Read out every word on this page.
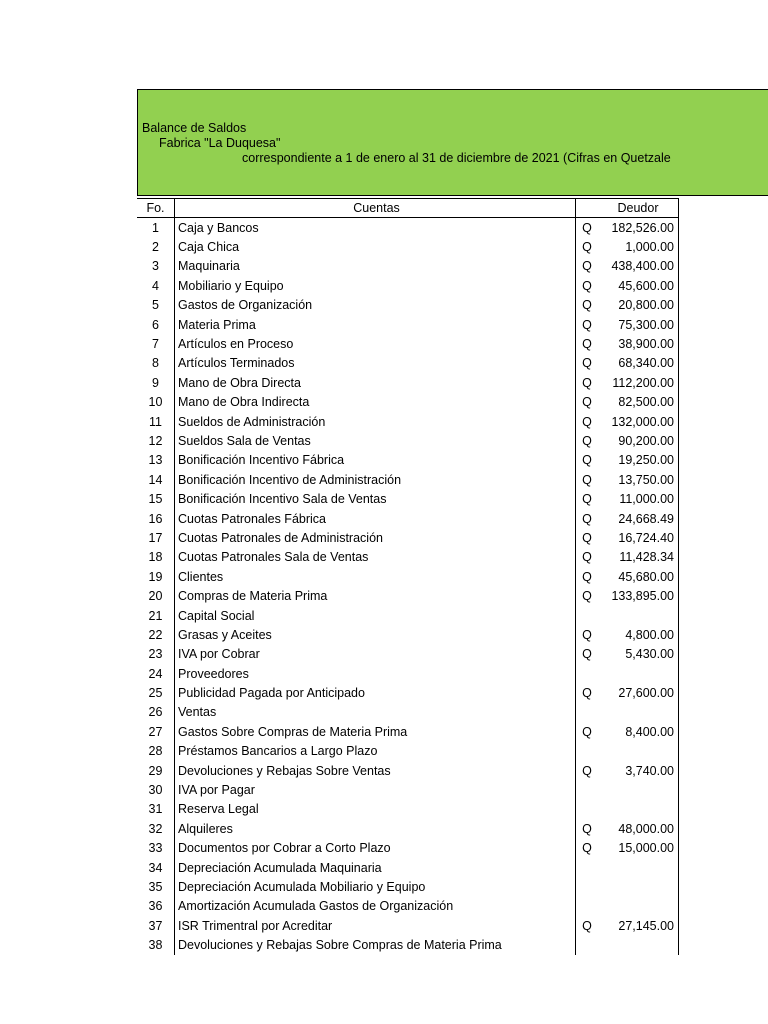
Balance de Saldos
Fabrica "La Duquesa"
correspondiente a 1 de enero al 31 de diciembre de 2021 (Cifras en Quetzale
Fo.	Cuentas		Deudor
1	Caja y Bancos	Q	182,526.00
2	Caja Chica	Q	1,000.00
3	Maquinaria	Q	438,400.00
4	Mobiliario y Equipo	Q	45,600.00
5	Gastos de Organización	Q	20,800.00
6	Materia Prima	Q	75,300.00
7	Artículos en Proceso	Q	38,900.00
8	Artículos Terminados	Q	68,340.00
9	Mano de Obra Directa	Q	112,200.00
10	Mano de Obra Indirecta	Q	82,500.00
11	Sueldos de Administración	Q	132,000.00
12	Sueldos Sala de Ventas	Q	90,200.00
13	Bonificación Incentivo Fábrica	Q	19,250.00
14	Bonificación Incentivo de Administración	Q	13,750.00
15	Bonificación Incentivo Sala de Ventas	Q	11,000.00
16	Cuotas Patronales Fábrica	Q	24,668.49
17	Cuotas Patronales de Administración	Q	16,724.40
18	Cuotas Patronales Sala de Ventas	Q	11,428.34
19	Clientes	Q	45,680.00
20	Compras de Materia Prima	Q	133,895.00
21	Capital Social		
22	Grasas y Aceites	Q	4,800.00
23	IVA por Cobrar	Q	5,430.00
24	Proveedores		
25	Publicidad Pagada por Anticipado	Q	27,600.00
26	Ventas		
27	Gastos Sobre Compras de Materia Prima	Q	8,400.00
28	Préstamos Bancarios a Largo Plazo		
29	Devoluciones y Rebajas Sobre Ventas	Q	3,740.00
30	IVA por Pagar		
31	Reserva Legal		
32	Alquileres	Q	48,000.00
33	Documentos por Cobrar a Corto Plazo	Q	15,000.00
34	Depreciación Acumulada Maquinaria		
35	Depreciación Acumulada Mobiliario y Equipo		
36	Amortización Acumulada Gastos de Organización		
37	ISR Trimentral por Acreditar	Q	27,145.00
38	Devoluciones y Rebajas Sobre Compras de Materia Prima		
